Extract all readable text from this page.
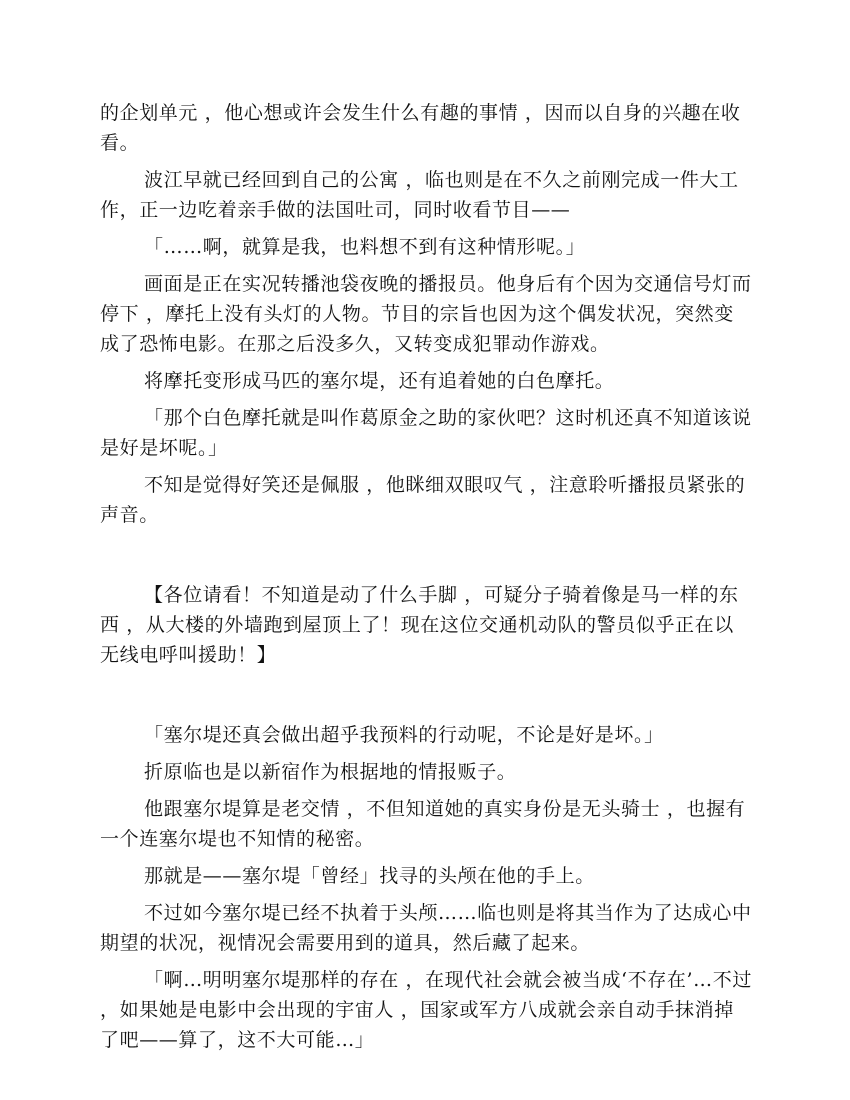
的企划单元 ，他心想或许会发生什么有趣的事情 ，因而以自身的兴趣在收看。

波江早就已经回到自己的公寓 ，临也则是在不久之前刚完成一件大工作，正一边吃着亲手做的法国吐司，同时收看节目——

「……啊，就算是我，也料想不到有这种情形呢。」

画面是正在实况转播池袋夜晚的播报员。他身后有个因为交通信号灯而停下 ，摩托上没有头灯的人物。节目的宗旨也因为这个偶发状况，突然变成了恐怖电影。在那之后没多久，又转变成犯罪动作游戏。

将摩托变形成马匹的塞尔堤，还有追着她的白色摩托。

「那个白色摩托就是叫作葛原金之助的家伙吧？这时机还真不知道该说是好是坏呢。」

不知是觉得好笑还是佩服 ，他眯细双眼叹气 ，注意聆听播报员紧张的声音。

【各位请看！不知道是动了什么手脚 ，可疑分子骑着像是马一样的东西 ，从大楼的外墙跑到屋顶上了！现在这位交通机动队的警员似乎正在以无线电呼叫援助！】

「塞尔堤还真会做出超乎我预料的行动呢，不论是好是坏。」

折原临也是以新宿作为根据地的情报贩子。

他跟塞尔堤算是老交情 ，不但知道她的真实身份是无头骑士 ，也握有一个连塞尔堤也不知情的秘密。

那就是——塞尔堤「曾经」找寻的头颅在他的手上。

不过如今塞尔堤已经不执着于头颅……临也则是将其当作为了达成心中期望的状况，视情况会需要用到的道具，然后藏了起来。

「啊…明明塞尔堤那样的存在 ，在现代社会就会被当成‘不存在’…不过 ，如果她是电影中会出现的宇宙人 ，国家或军方八成就会亲自动手抹消掉了吧——算了，这不大可能…」
